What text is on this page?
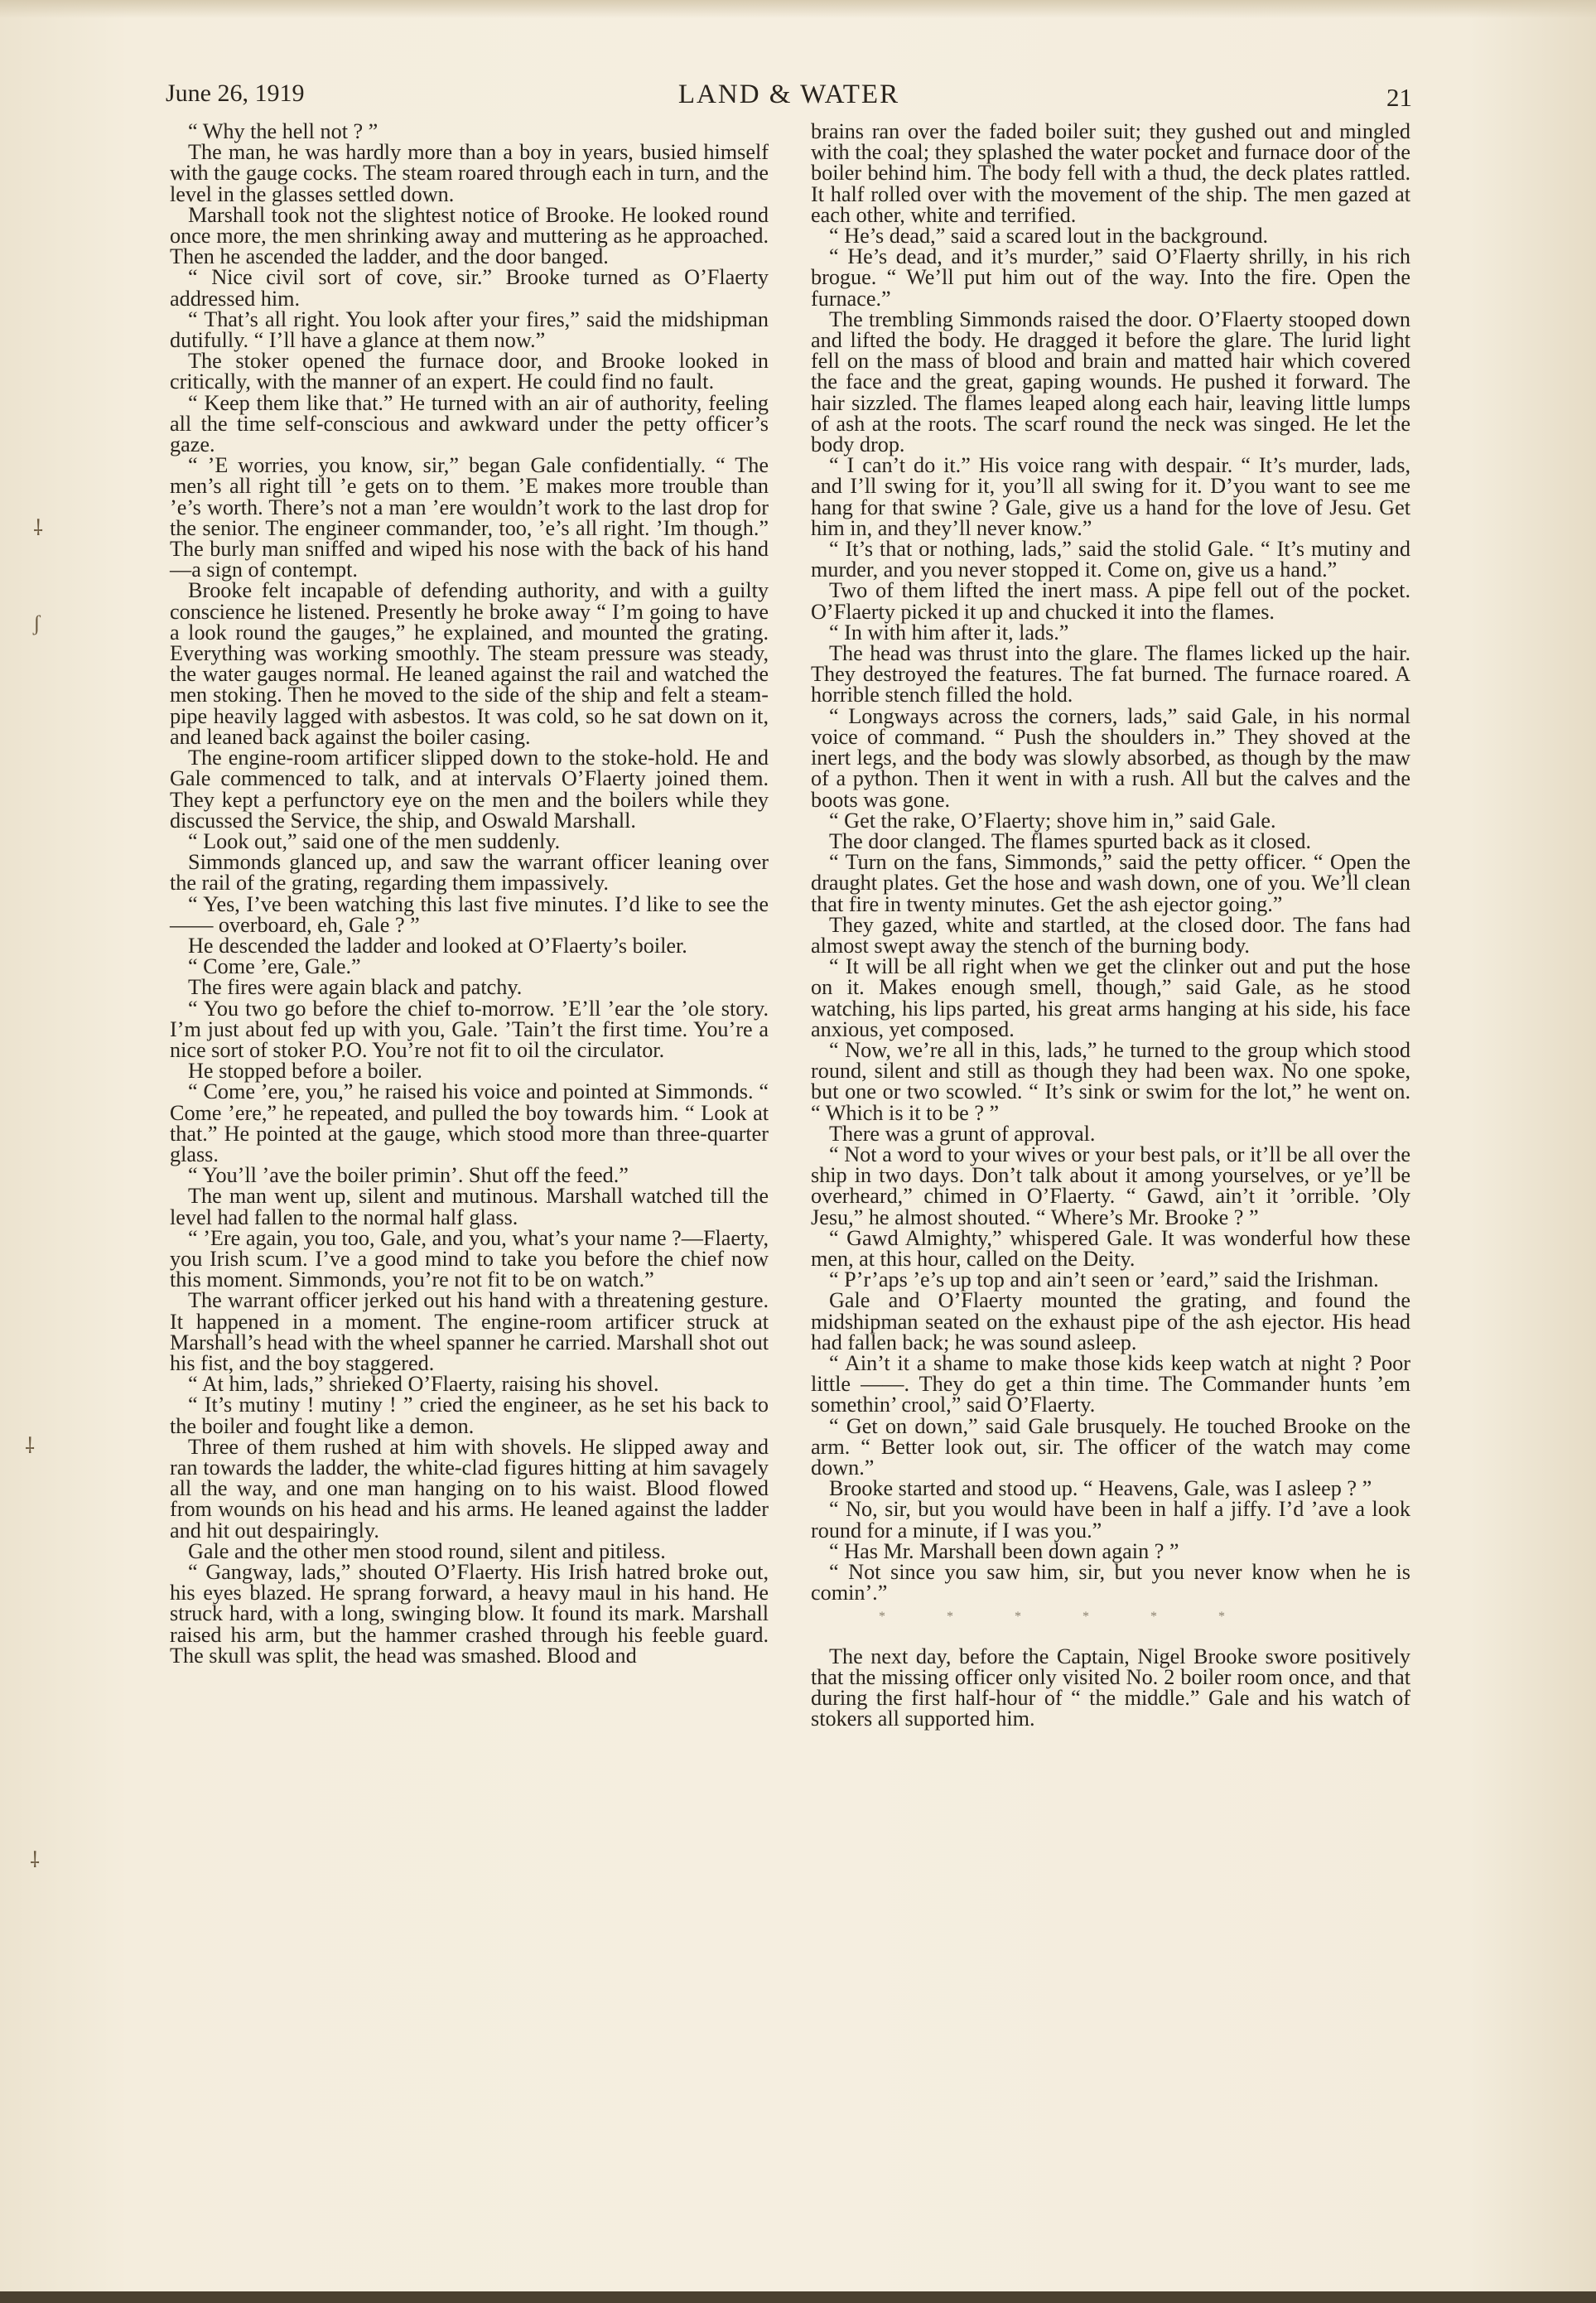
June 26, 1919	LAND & WATER	21

“ Why the hell not ? ”

The man, he was hardly more than a boy in years, busied himself with the gauge cocks. The steam roared through each in turn, and the level in the glasses settled down.

Marshall took not the slightest notice of Brooke. He looked round once more, the men shrinking away and muttering as he approached. Then he ascended the ladder, and the door banged.

“ Nice civil sort of cove, sir.” Brooke turned as O’Flaerty addressed him.

“ That’s all right. You look after your fires,” said the midshipman dutifully. “ I’ll have a glance at them now.”

The stoker opened the furnace door, and Brooke looked in critically, with the manner of an expert. He could find no fault.

“ Keep them like that.” He turned with an air of authority, feeling all the time self-conscious and awkward under the petty officer’s gaze.

“ ’E worries, you know, sir,” began Gale confidentially. “ The men’s all right till ’e gets on to them. ’E makes more trouble than ’e’s worth. There’s not a man ’ere wouldn’t work to the last drop for the senior. The engineer commander, too, ’e’s all right. ’Im though.” The burly man sniffed and wiped his nose with the back of his hand—a sign of contempt.

Brooke felt incapable of defending authority, and with a guilty conscience he listened. Presently he broke away “ I’m going to have a look round the gauges,” he explained, and mounted the grating. Everything was working smoothly. The steam pressure was steady, the water gauges normal. He leaned against the rail and watched the men stoking. Then he moved to the side of the ship and felt a steam-pipe heavily lagged with asbestos. It was cold, so he sat down on it, and leaned back against the boiler casing.

The engine-room artificer slipped down to the stoke-hold. He and Gale commenced to talk, and at intervals O’Flaerty joined them. They kept a perfunctory eye on the men and the boilers while they discussed the Service, the ship, and Oswald Marshall.

“ Look out,” said one of the men suddenly.

Simmonds glanced up, and saw the warrant officer leaning over the rail of the grating, regarding them impassively.

“ Yes, I’ve been watching this last five minutes. I’d like to see the —— overboard, eh, Gale ? ”

He descended the ladder and looked at O’Flaerty’s boiler.

“ Come ’ere, Gale.”

The fires were again black and patchy.

“ You two go before the chief to-morrow. ’E’ll ’ear the ’ole story. I’m just about fed up with you, Gale. ’Tain’t the first time. You’re a nice sort of stoker P.O. You’re not fit to oil the circulator.

He stopped before a boiler.

“ Come ’ere, you,” he raised his voice and pointed at Simmonds. “ Come ’ere,” he repeated, and pulled the boy towards him. “ Look at that.” He pointed at the gauge, which stood more than three-quarter glass.

“ You’ll ’ave the boiler primin’. Shut off the feed.”

The man went up, silent and mutinous. Marshall watched till the level had fallen to the normal half glass.

“ ’Ere again, you too, Gale, and you, what’s your name ?—Flaerty, you Irish scum. I’ve a good mind to take you before the chief now this moment. Simmonds, you’re not fit to be on watch.”

The warrant officer jerked out his hand with a threatening gesture. It happened in a moment. The engine-room artificer struck at Marshall’s head with the wheel spanner he carried. Marshall shot out his fist, and the boy staggered.

“ At him, lads,” shrieked O’Flaerty, raising his shovel.

“ It’s mutiny ! mutiny ! ” cried the engineer, as he set his back to the boiler and fought like a demon.

Three of them rushed at him with shovels. He slipped away and ran towards the ladder, the white-clad figures hitting at him savagely all the way, and one man hanging on to his waist. Blood flowed from wounds on his head and his arms. He leaned against the ladder and hit out despairingly.

Gale and the other men stood round, silent and pitiless.

“ Gangway, lads,” shouted O’Flaerty. His Irish hatred broke out, his eyes blazed. He sprang forward, a heavy maul in his hand. He struck hard, with a long, swinging blow. It found its mark. Marshall raised his arm, but the hammer crashed through his feeble guard. The skull was split, the head was smashed. Blood and

brains ran over the faded boiler suit; they gushed out and mingled with the coal; they splashed the water pocket and furnace door of the boiler behind him. The body fell with a thud, the deck plates rattled. It half rolled over with the movement of the ship. The men gazed at each other, white and terrified.

“ He’s dead,” said a scared lout in the background.

“ He’s dead, and it’s murder,” said O’Flaerty shrilly, in his rich brogue. “ We’ll put him out of the way. Into the fire. Open the furnace.”

The trembling Simmonds raised the door. O’Flaerty stooped down and lifted the body. He dragged it before the glare. The lurid light fell on the mass of blood and brain and matted hair which covered the face and the great, gaping wounds. He pushed it forward. The hair sizzled. The flames leaped along each hair, leaving little lumps of ash at the roots. The scarf round the neck was singed. He let the body drop.

“ I can’t do it.” His voice rang with despair. “ It’s murder, lads, and I’ll swing for it, you’ll all swing for it. D’you want to see me hang for that swine ? Gale, give us a hand for the love of Jesu. Get him in, and they’ll never know.”

“ It’s that or nothing, lads,” said the stolid Gale. “ It’s mutiny and murder, and you never stopped it. Come on, give us a hand.”

Two of them lifted the inert mass. A pipe fell out of the pocket. O’Flaerty picked it up and chucked it into the flames.

“ In with him after it, lads.”

The head was thrust into the glare. The flames licked up the hair. They destroyed the features. The fat burned. The furnace roared. A horrible stench filled the hold.

“ Longways across the corners, lads,” said Gale, in his normal voice of command. “ Push the shoulders in.” They shoved at the inert legs, and the body was slowly absorbed, as though by the maw of a python. Then it went in with a rush. All but the calves and the boots was gone.

“ Get the rake, O’Flaerty; shove him in,” said Gale.

The door clanged. The flames spurted back as it closed.

“ Turn on the fans, Simmonds,” said the petty officer. “ Open the draught plates. Get the hose and wash down, one of you. We’ll clean that fire in twenty minutes. Get the ash ejector going.”

They gazed, white and startled, at the closed door. The fans had almost swept away the stench of the burning body.

“ It will be all right when we get the clinker out and put the hose on it. Makes enough smell, though,” said Gale, as he stood watching, his lips parted, his great arms hanging at his side, his face anxious, yet composed.

“ Now, we’re all in this, lads,” he turned to the group which stood round, silent and still as though they had been wax. No one spoke, but one or two scowled. “ It’s sink or swim for the lot,” he went on. “ Which is it to be ? ”

There was a grunt of approval.

“ Not a word to your wives or your best pals, or it’ll be all over the ship in two days. Don’t talk about it among yourselves, or ye’ll be overheard,” chimed in O’Flaerty. “ Gawd, ain’t it ’orrible. ’Oly Jesu,” he almost shouted. “ Where’s Mr. Brooke ? ”

“ Gawd Almighty,” whispered Gale. It was wonderful how these men, at this hour, called on the Deity.

“ P’r’aps ’e’s up top and ain’t seen or ’eard,” said the Irishman.

Gale and O’Flaerty mounted the grating, and found the midshipman seated on the exhaust pipe of the ash ejector. His head had fallen back; he was sound asleep.

“ Ain’t it a shame to make those kids keep watch at night ? Poor little ——. They do get a thin time. The Commander hunts ’em somethin’ crool,” said O’Flaerty.

“ Get on down,” said Gale brusquely. He touched Brooke on the arm. “ Better look out, sir. The officer of the watch may come down.”

Brooke started and stood up. “ Heavens, Gale, was I asleep ? ”

“ No, sir, but you would have been in half a jiffy. I’d ’ave a look round for a minute, if I was you.”

“ Has Mr. Marshall been down again ? ”

“ Not since you saw him, sir, but you never know when he is comin’.”

*	*	*	*	*	*

The next day, before the Captain, Nigel Brooke swore positively that the missing officer only visited No. 2 boiler room once, and that during the first half-hour of “ the middle.” Gale and his watch of stokers all supported him.

⸸
ʃ
⸸
⸸
